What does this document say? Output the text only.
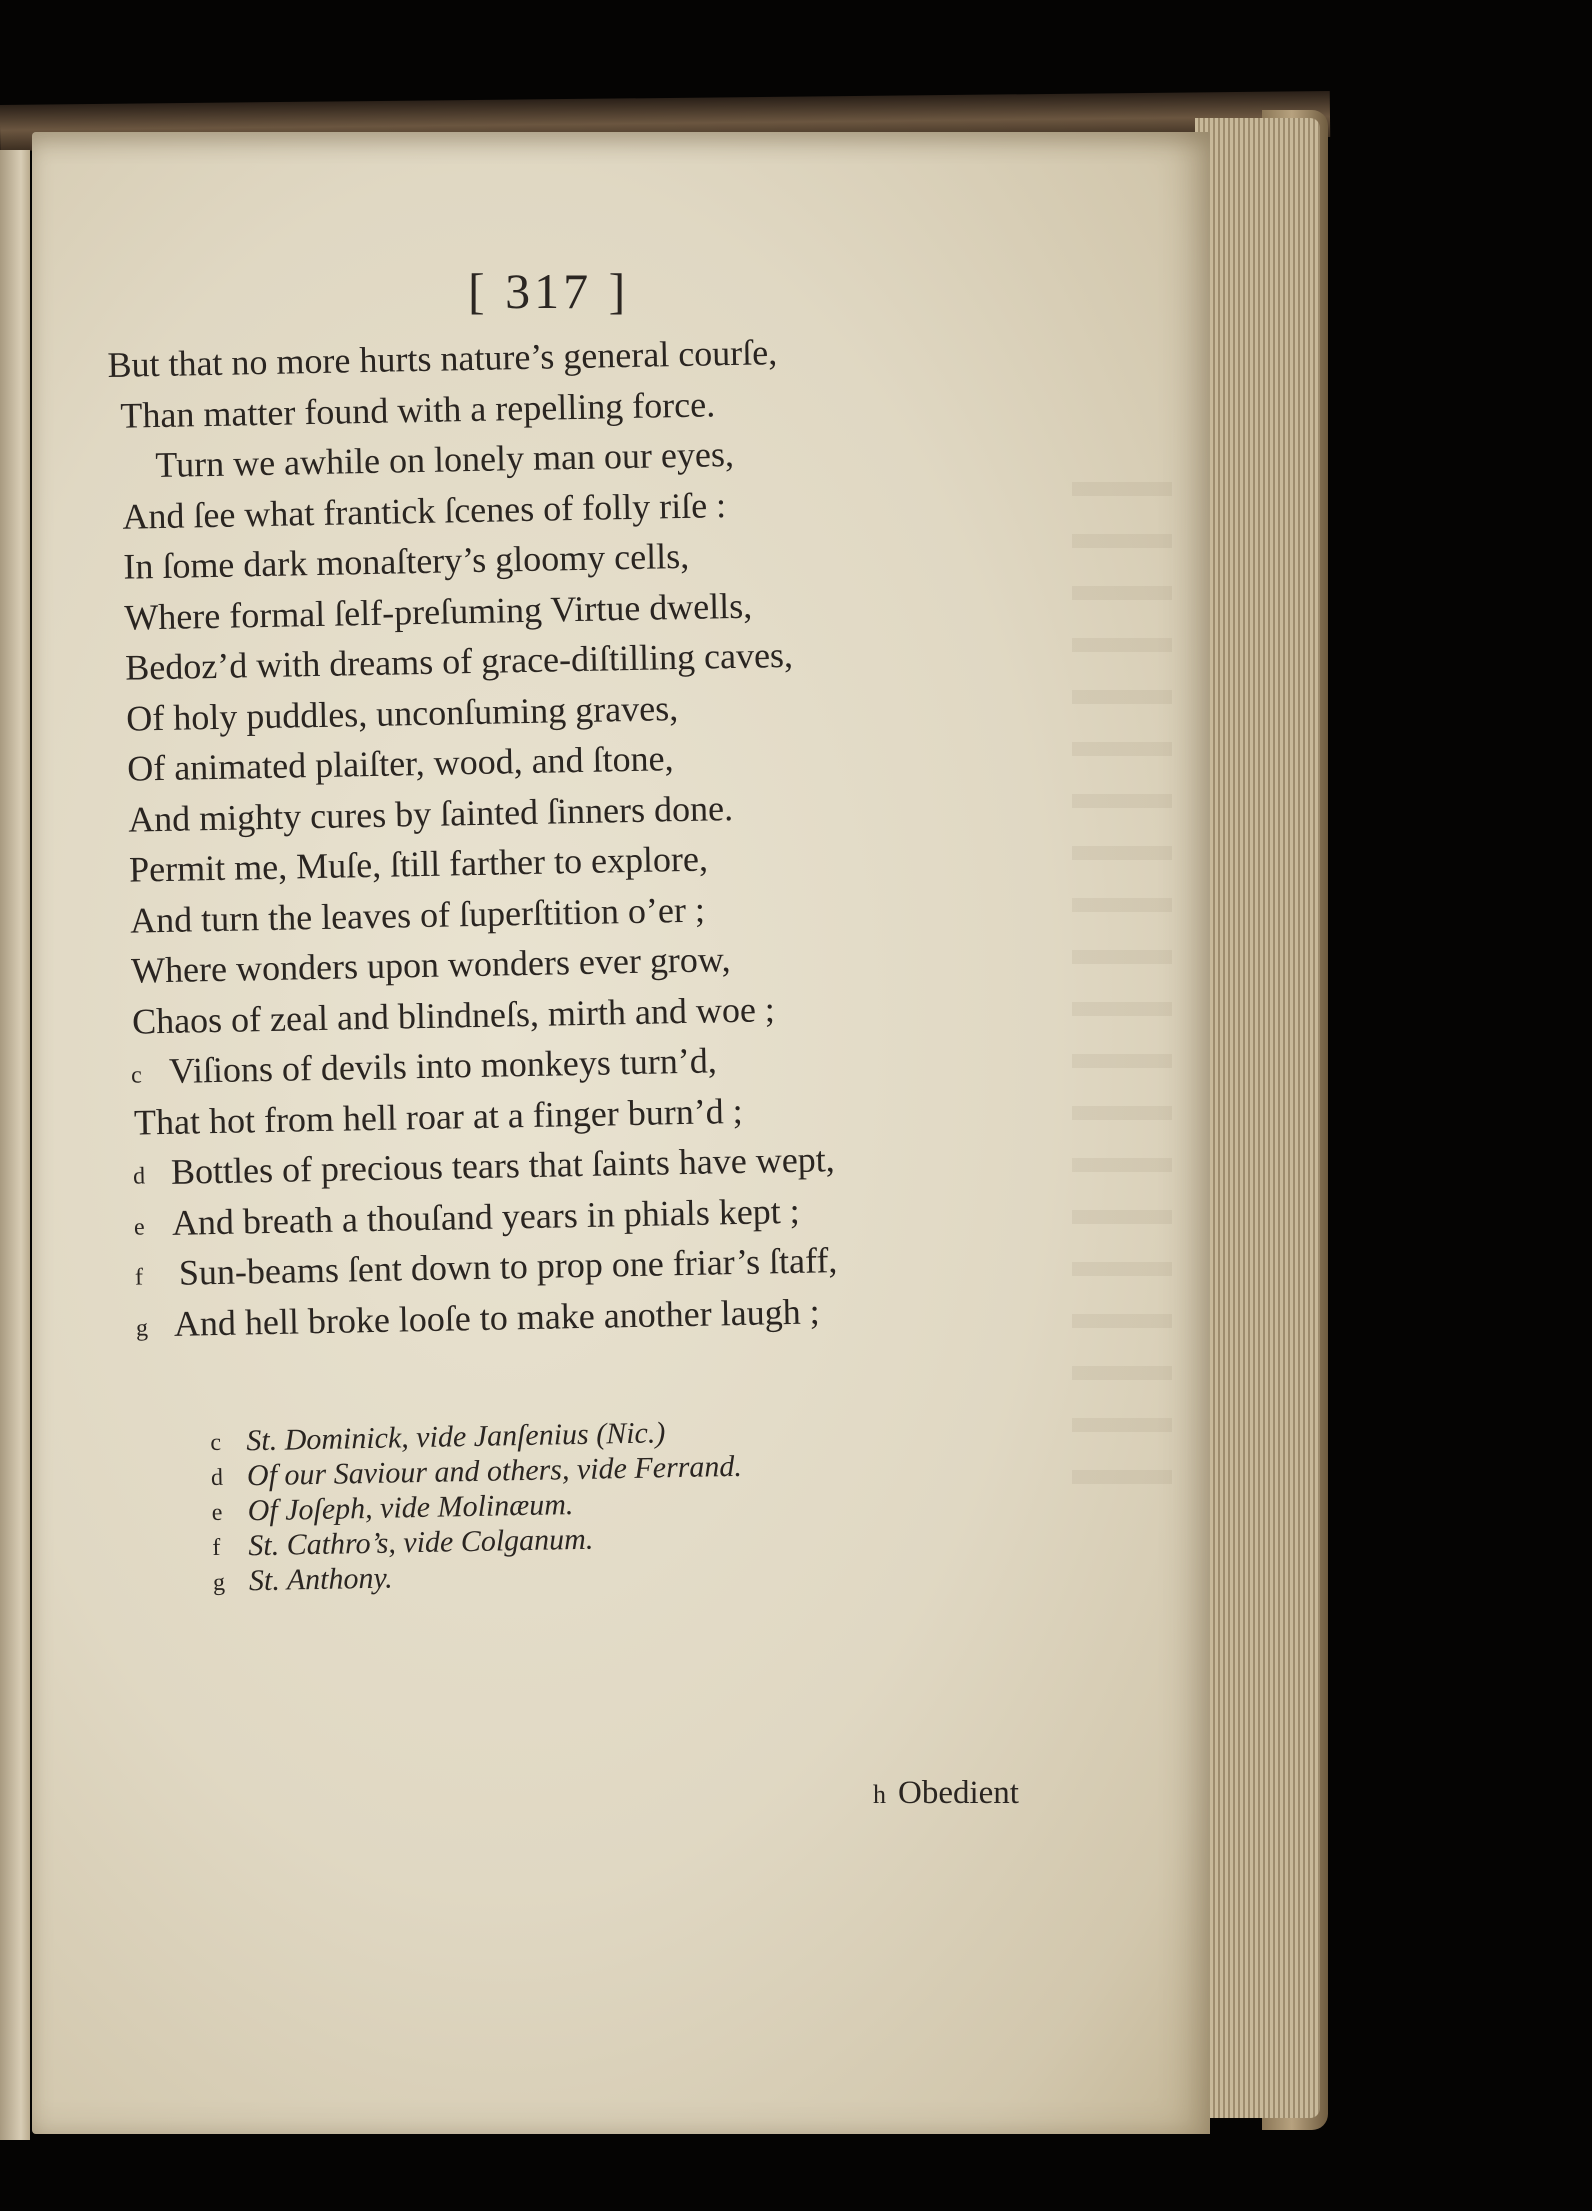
[ 317 ]
But that no more hurts nature’s general courſe,
Than matter found with a repelling force.
Turn we awhile on lonely man our eyes,
And ſee what frantick ſcenes of folly riſe :
In ſome dark monaſtery’s gloomy cells,
Where formal ſelf-preſuming Virtue dwells,
Bedoz’d with dreams of grace-diſtilling caves,
Of holy puddles, unconſuming graves,
Of animated plaiſter, wood, and ſtone,
And mighty cures by ſainted ſinners done.
Permit me, Muſe, ſtill farther to explore,
And turn the leaves of ſuperſtition o’er ;
Where wonders upon wonders ever grow,
Chaos of zeal and blindneſs, mirth and woe ;
c Viſions of devils into monkeys turn’d,
That hot from hell roar at a finger burn’d ;
d Bottles of precious tears that ſaints have wept,
e And breath a thouſand years in phials kept ;
f Sun-beams ſent down to prop one friar’s ſtaff,
g And hell broke looſe to make another laugh ;
c St. Dominick, vide Janſenius (Nic.)
d Of our Saviour and others, vide Ferrand.
e Of Joſeph, vide Molinæum.
f St. Cathro’s, vide Colganum.
g St. Anthony.
h Obedient
